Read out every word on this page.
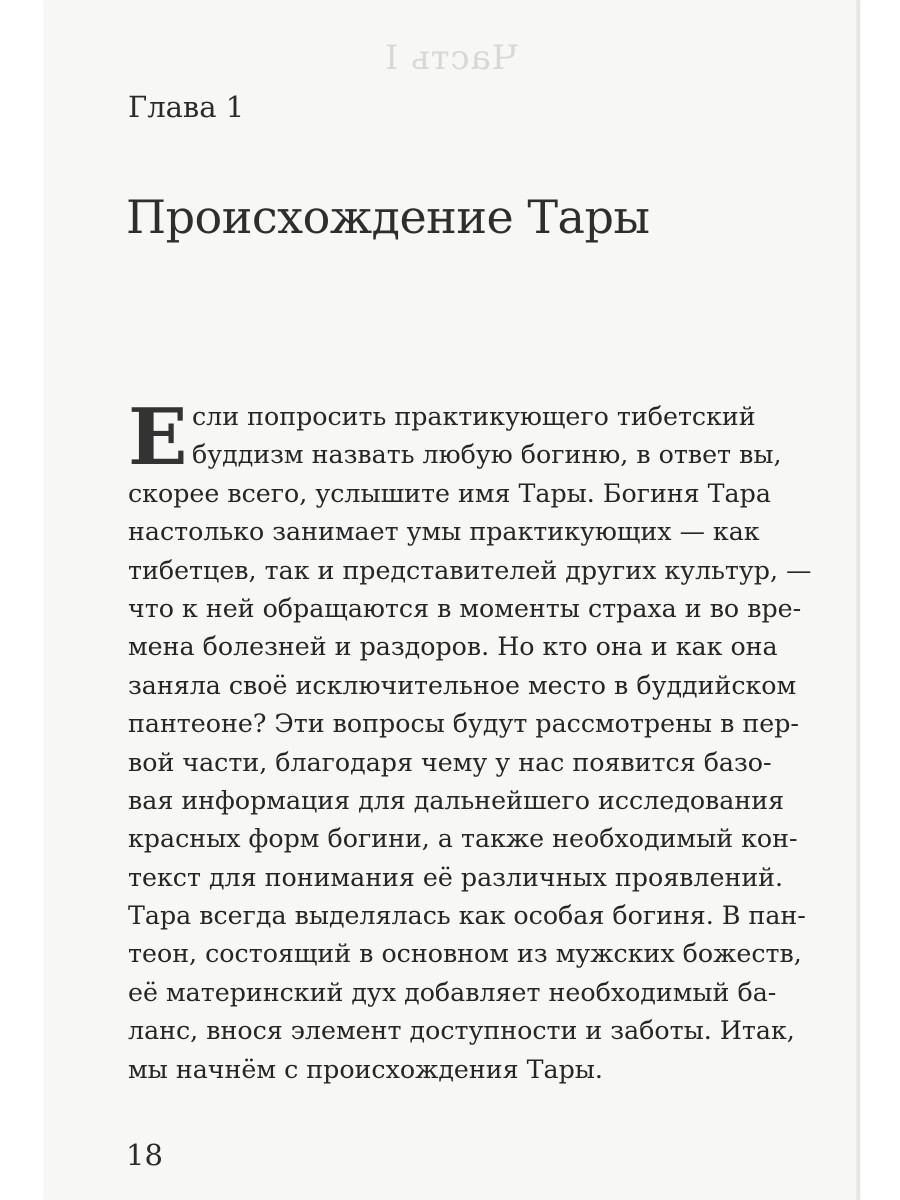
Часть I
Глава 1
Происхождение Тары
Е сли попросить практикующего тибетский
буддизм назвать любую богиню, в ответ вы,
скорее всего, услышите имя Тары. Богиня Тара
настолько занимает умы практикующих — как
тибетцев, так и представителей других культур, —
что к ней обращаются в моменты страха и во вре-
мена болезней и раздоров. Но кто она и как она
заняла своё исключительное место в буддийском
пантеоне? Эти вопросы будут рассмотрены в пер-
вой части, благодаря чему у нас появится базо-
вая информация для дальнейшего исследования
красных форм богини, а также необходимый кон-
текст для понимания её различных проявлений.
Тара всегда выделялась как особая богиня. В пан-
теон, состоящий в основном из мужских божеств,
её материнский дух добавляет необходимый ба-
ланс, внося элемент доступности и заботы. Итак,
мы начнём с происхождения Тары.
18
